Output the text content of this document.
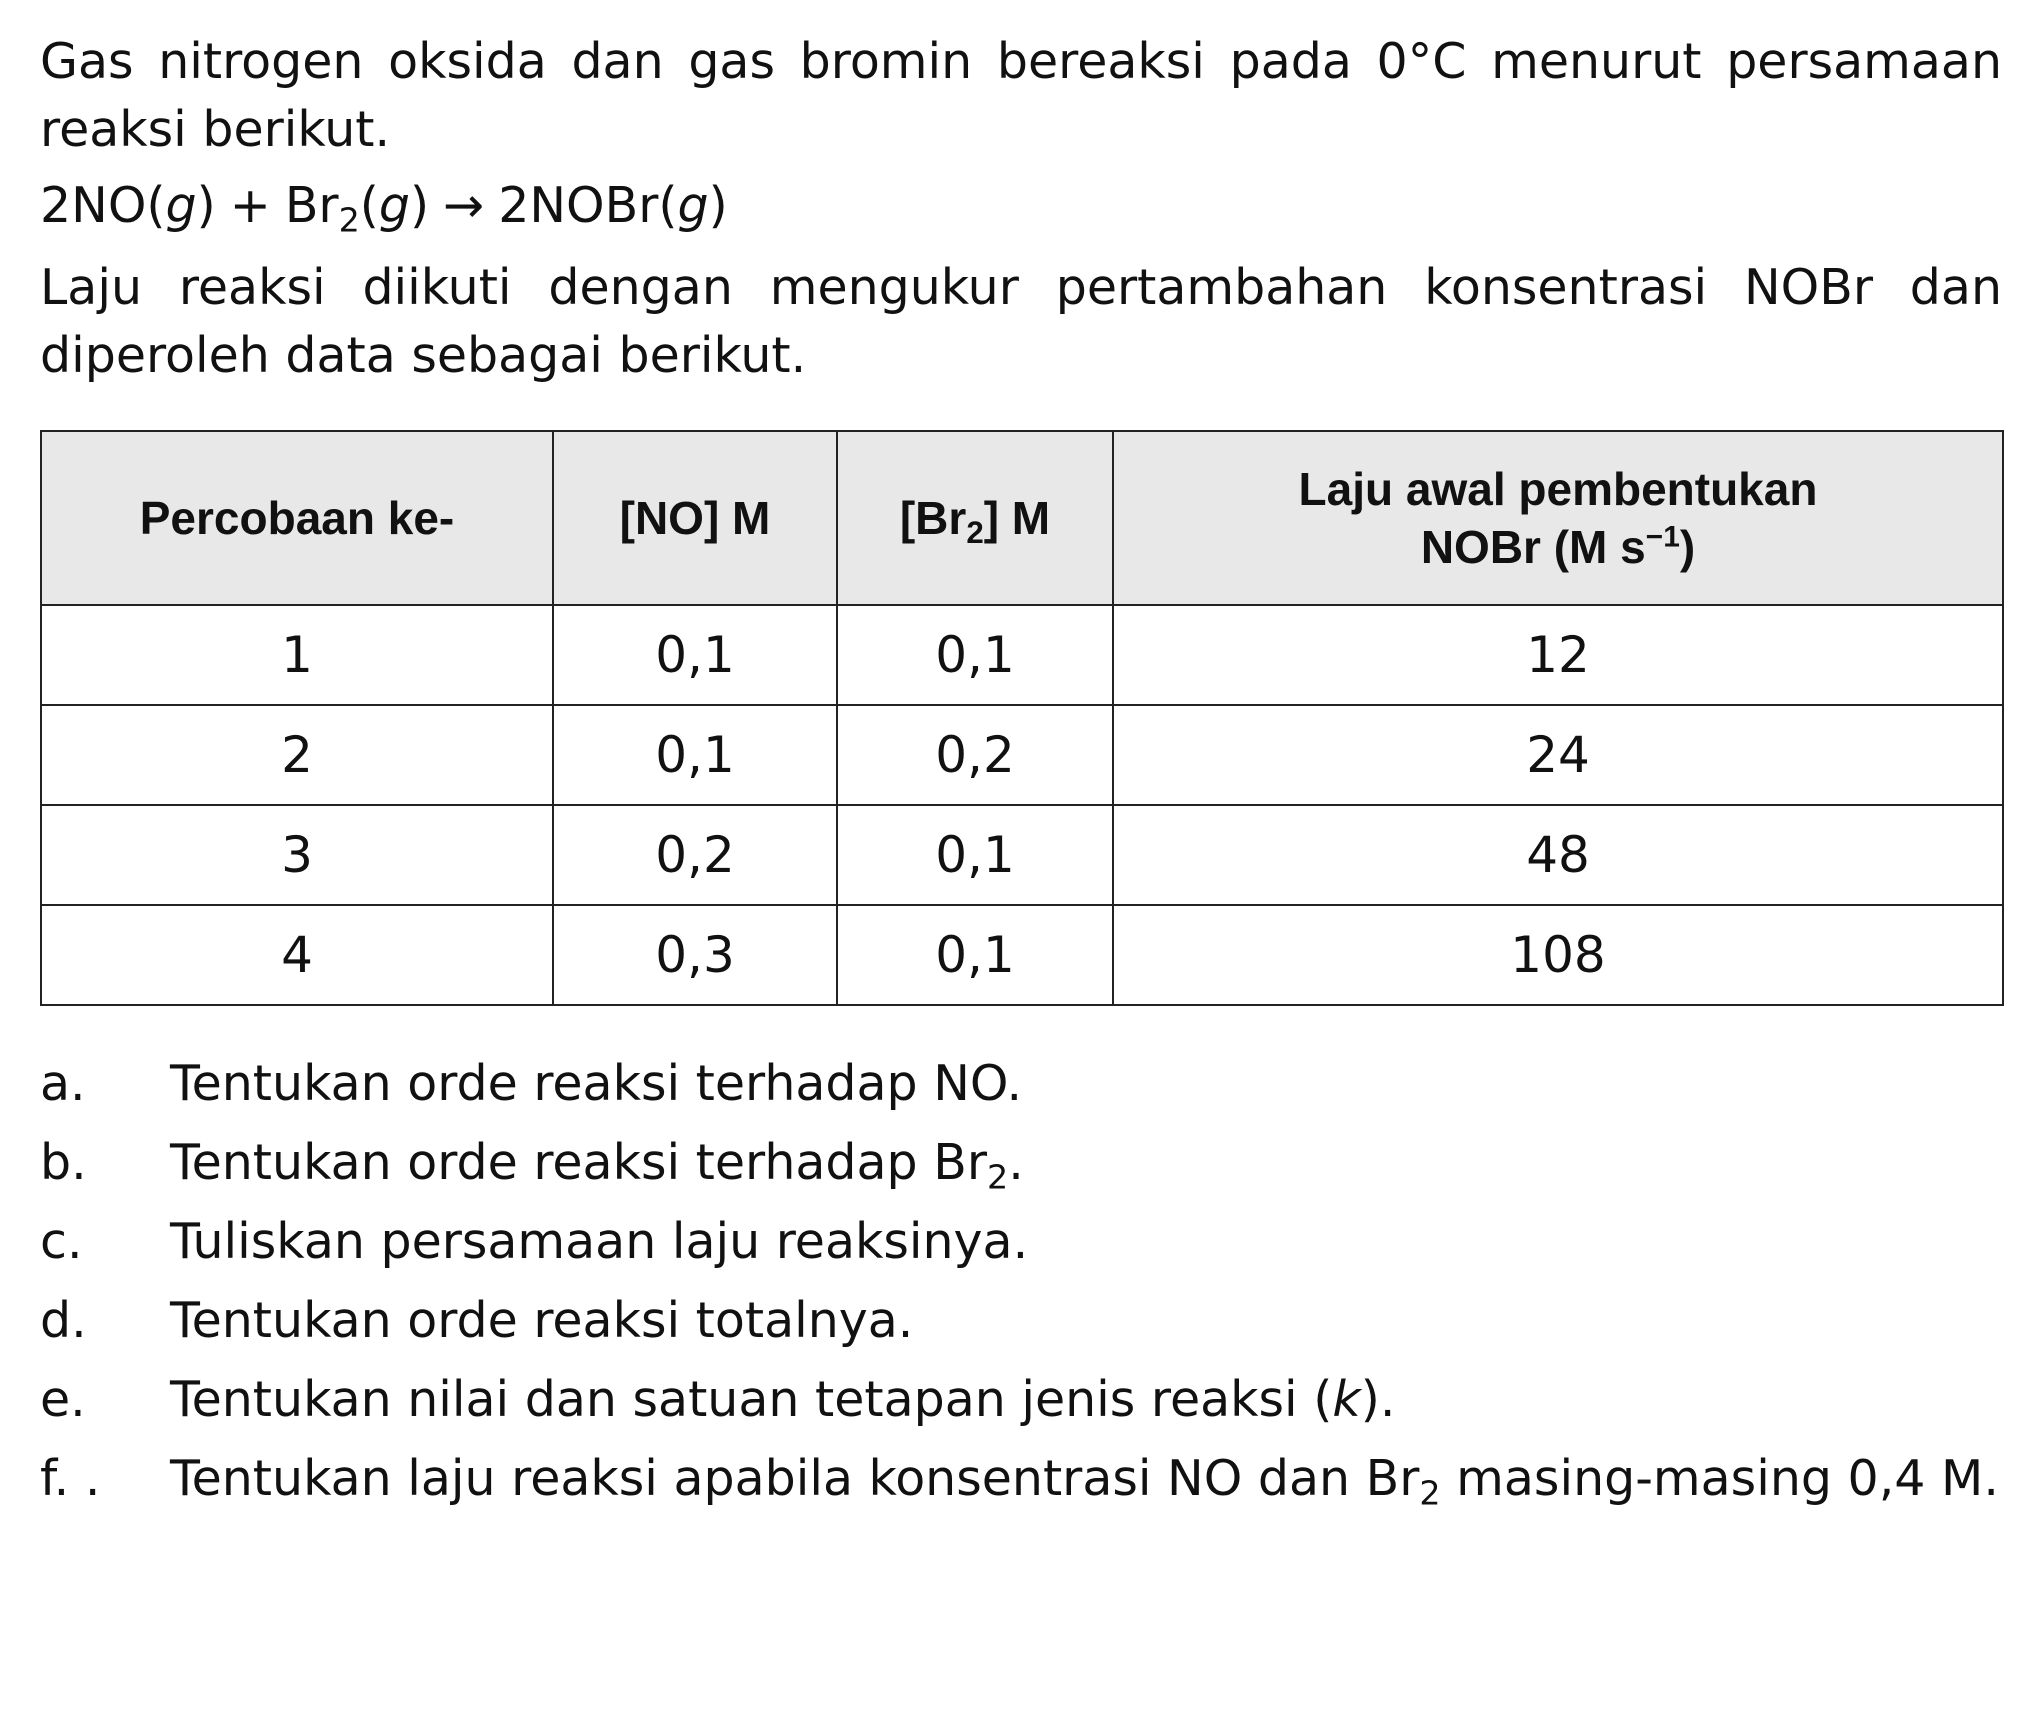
Gas nitrogen oksida dan gas bromin bereaksi pada 0°C menurut persamaan reaksi berikut.

$2NO(g) + Br_2(g)$ → 2NOBr(g)

Laju reaksi diikuti dengan mengukur pertambahan konsentrasi NOBr dan diperoleh data sebagai berikut.

Percobaan ke-	[NO] M	$[Br_2]$ M	Laju awal pembentukan
NOBr (M $s^{-1}$)
1	0,1	0,1	12
2	0,1	0,2	24
3	0,2	0,1	48
4	0,3	0,1	108
a.	Tentukan orde reaksi terhadap NO.
b.	Tentukan orde reaksi terhadap $Br_2$.
c.	Tuliskan persamaan laju reaksinya.
d.	Tentukan orde reaksi totalnya.
e.	Tentukan nilai dan satuan tetapan jenis reaksi (k).
f. .	Tentukan laju reaksi apabila konsentrasi NO dan $Br_2$ masing-masing 0,4 M.
